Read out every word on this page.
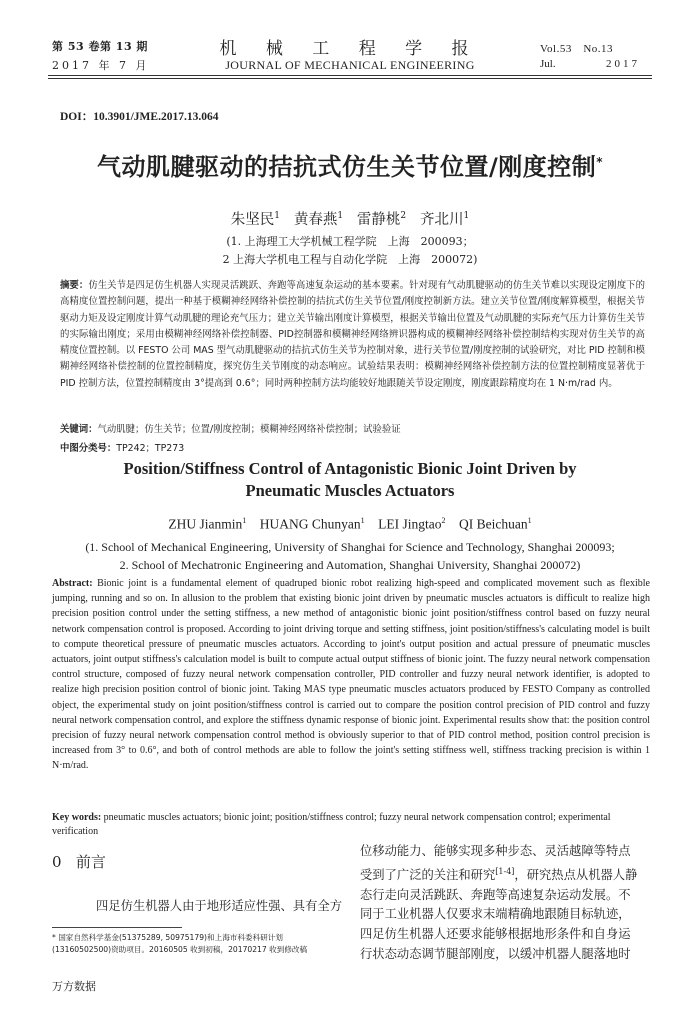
第 53 卷第 13 期
2017 年 7 月
机 械 工 程 学 报
JOURNAL OF MECHANICAL ENGINEERING
Vol.53　No.13
Jul.	2017
DOI：10.3901/JME.2017.13.064
气动肌腱驱动的拮抗式仿生关节位置/刚度控制*
朱坚民$^1$ 黄春燕$^1$ 雷静桃$^2$ 齐北川$^1$
(1. 上海理工大学机械工程学院　上海　200093；
2 上海大学机电工程与自动化学院　上海　200072)
摘要：仿生关节是四足仿生机器人实现灵活跳跃、奔跑等高速复杂运动的基本要素。针对现有气动肌腱驱动的仿生关节难以实现设定刚度下的高精度位置控制问题，提出一种基于模糊神经网络补偿控制的拮抗式仿生关节位置/刚度控制新方法。建立关节位置/刚度解算模型，根据关节驱动力矩及设定刚度计算气动肌腱的理论充气压力；建立关节输出刚度计算模型，根据关节输出位置及气动肌腱的实际充气压力计算仿生关节的实际输出刚度；采用由模糊神经网络补偿控制器、PID控制器和模糊神经网络辨识器构成的模糊神经网络补偿控制结构实现对仿生关节的高精度位置控制。以 FESTO 公司 MAS 型气动肌腱驱动的拮抗式仿生关节为控制对象，进行关节位置/刚度控制的试验研究，对比 PID 控制和模糊神经网络补偿控制的位置控制精度，探究仿生关节刚度的动态响应。试验结果表明：模糊神经网络补偿控制方法的位置控制精度显著优于 PID 控制方法，位置控制精度由 3°提高到 0.6°；同时两种控制方法均能较好地跟随关节设定刚度，刚度跟踪精度均在 1 N·m/rad 内。
关键词：气动肌腱；仿生关节；位置/刚度控制；模糊神经网络补偿控制；试验验证
中图分类号：TP242；TP273
Position/Stiffness Control of Antagonistic Bionic Joint Driven by
Pneumatic Muscles Actuators
ZHU Jianmin$^1$ HUANG Chunyan$^1$ LEI Jingtao$^2$ QI Beichuan$^1$
(1. School of Mechanical Engineering, University of Shanghai for Science and Technology, Shanghai 200093;
2. School of Mechatronic Engineering and Automation, Shanghai University, Shanghai 200072)
Abstract: Bionic joint is a fundamental element of quadruped bionic robot realizing high-speed and complicated movement such as flexible jumping, running and so on. In allusion to the problem that existing bionic joint driven by pneumatic muscles actuators is difficult to realize high precision position control under the setting stiffness, a new method of antagonistic bionic joint position/stiffness control based on fuzzy neural network compensation control is proposed. According to joint driving torque and setting stiffness, joint position/stiffness's calculating model is built to compute theoretical pressure of pneumatic muscles actuators. According to joint's output position and actual pressure of pneumatic muscles actuators, joint output stiffness's calculation model is built to compute actual output stiffness of bionic joint. The fuzzy neural network compensation control structure, composed of fuzzy neural network compensation controller, PID controller and fuzzy neural network identifier, is adopted to realize high precision position control of bionic joint. Taking MAS type pneumatic muscles actuators produced by FESTO Company as controlled object, the experimental study on joint position/stiffness control is carried out to compare the position control precision of PID control and fuzzy neural network compensation control, and explore the stiffness dynamic response of bionic joint. Experimental results show that: the position control precision of fuzzy neural network compensation control method is obviously superior to that of PID control method, position control precision is increased from 3° to 0.6°, and both of control methods are able to follow the joint's setting stiffness well, stiffness tracking precision is within 1 N·m/rad.
Key words: pneumatic muscles actuators; bionic joint; position/stiffness control; fuzzy neural network compensation control; experimental verification
0 前言
四足仿生机器人由于地形适应性强、具有全方
* 国家自然科学基金(51375289, 50975179)和上海市科委科研计划
(13160502500)资助项目。20160505 收到初稿，20170217 收到修改稿

位移动能力、能够实现多种步态、灵活越障等特点

受到了广泛的关注和研究[1-4]，研究热点从机器人静

态行走向灵活跳跃、奔跑等高速复杂运动发展。不

同于工业机器人仅要求末端精确地跟随目标轨迹，

四足仿生机器人还要求能够根据地形条件和自身运

行状态动态调节腿部刚度，以缓冲机器人腿落地时

万方数据
